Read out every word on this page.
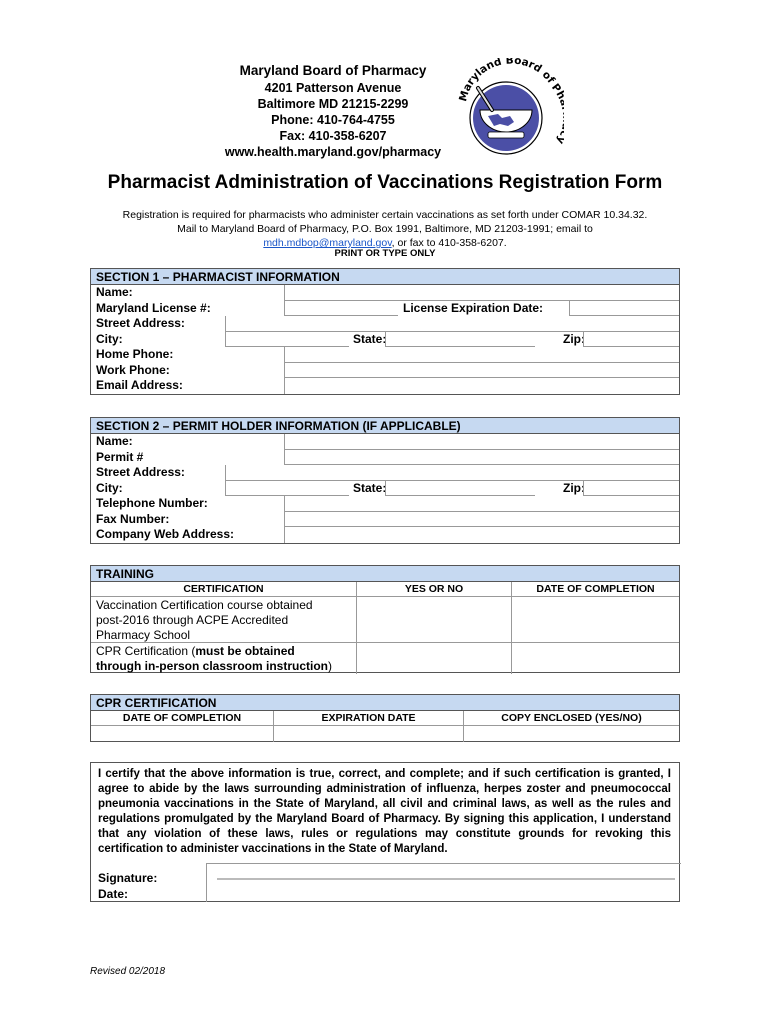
Maryland Board of Pharmacy
4201 Patterson Avenue
Baltimore MD 21215-2299
Phone: 410-764-4755
Fax: 410-358-6207
www.health.maryland.gov/pharmacy
Maryland Board of P
Pharmacist Administration of Vaccinations Registration Form
Registration is required for pharmacists who administer certain vaccinations as set forth under COMAR 10.34.32.
Mail to Maryland Board of Pharmacy, P.O. Box 1991, Baltimore, MD 21203-1991; email to
mdh.mdbop@maryland.gov, or fax to 410-358-6207.
PRINT OR TYPE ONLY
SECTION 1 – PHARMACIST INFORMATION
Name:
Maryland License #:	License Expiration Date:
Street Address:
City:	State:	Zip:
Home Phone:
Work Phone:
Email Address:
SECTION 2 – PERMIT HOLDER INFORMATION (IF APPLICABLE)
Name:
Permit #
Street Address:
City:	State:	Zip:
Telephone Number:
Fax Number:
Company Web Address:
TRAINING
CERTIFICATION	YES OR NO	DATE OF COMPLETION
Vaccination Certification course obtained
post-2016 through ACPE Accredited
Pharmacy School
CPR Certification (must be obtained
through in-person classroom instruction)
CPR CERTIFICATION
DATE OF COMPLETION	EXPIRATION DATE	COPY ENCLOSED (YES/NO)
I certify that the above information is true, correct, and complete; and if such certification is granted, I agree to abide by the laws surrounding administration of influenza, herpes zoster and pneumococcal pneumonia vaccinations in the State of Maryland, all civil and criminal laws, as well as the rules and regulations promulgated by the Maryland Board of Pharmacy. By signing this application, I understand that any violation of these laws, rules or regulations may constitute grounds for revoking this certification to administer vaccinations in the State of Maryland.
Signature:
Date:
Revised 02/2018
